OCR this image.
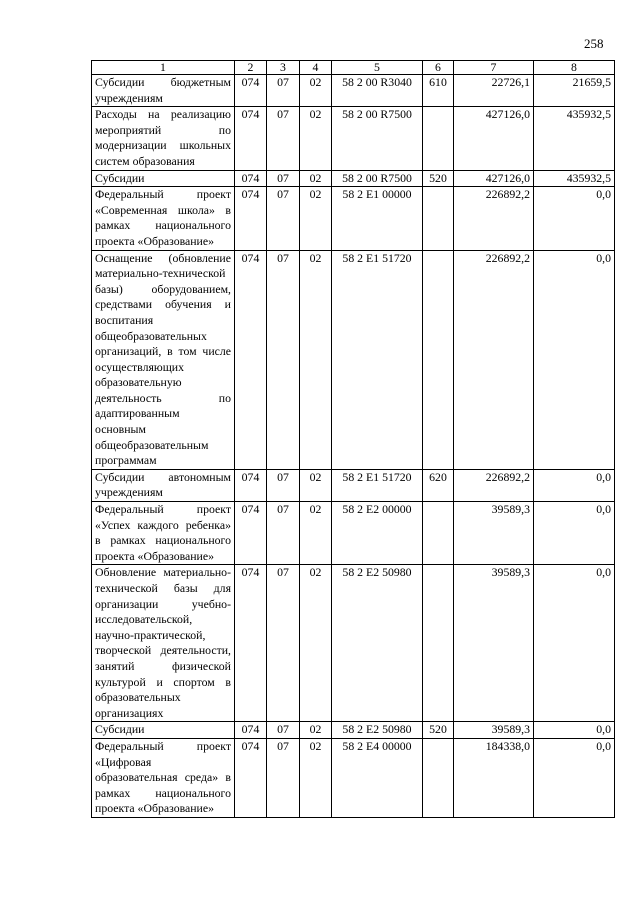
258
1	2	3	4	5	6	7	8
Субсидии бюджетным учреждениям	074	07	02	58 2 00 R3040	610	22726,1	21659,5
Расходы на реализацию мероприятий по модернизации школьных систем образования	074	07	02	58 2 00 R7500		427126,0	435932,5
Субсидии	074	07	02	58 2 00 R7500	520	427126,0	435932,5
Федеральный проект «Современная школа» в рамках национального проекта «Образование»	074	07	02	58 2 E1 00000		226892,2	0,0
Оснащение (обновление материально-технической базы) оборудованием, средствами обучения и воспитания общеобразовательных организаций, в том числе осуществляющих образовательную деятельность по адаптированным основным общеобразовательным программам	074	07	02	58 2 E1 51720		226892,2	0,0
Субсидии автономным учреждениям	074	07	02	58 2 E1 51720	620	226892,2	0,0
Федеральный проект «Успех каждого ребенка» в рамках национального проекта «Образование»	074	07	02	58 2 E2 00000		39589,3	0,0
Обновление материально-технической базы для организации учебно-исследовательской, научно-практической, творческой деятельности, занятий физической культурой и спортом в образовательных организациях	074	07	02	58 2 E2 50980		39589,3	0,0
Субсидии	074	07	02	58 2 E2 50980	520	39589,3	0,0
Федеральный проект «Цифровая образовательная среда» в рамках национального проекта «Образование»	074	07	02	58 2 E4 00000		184338,0	0,0
